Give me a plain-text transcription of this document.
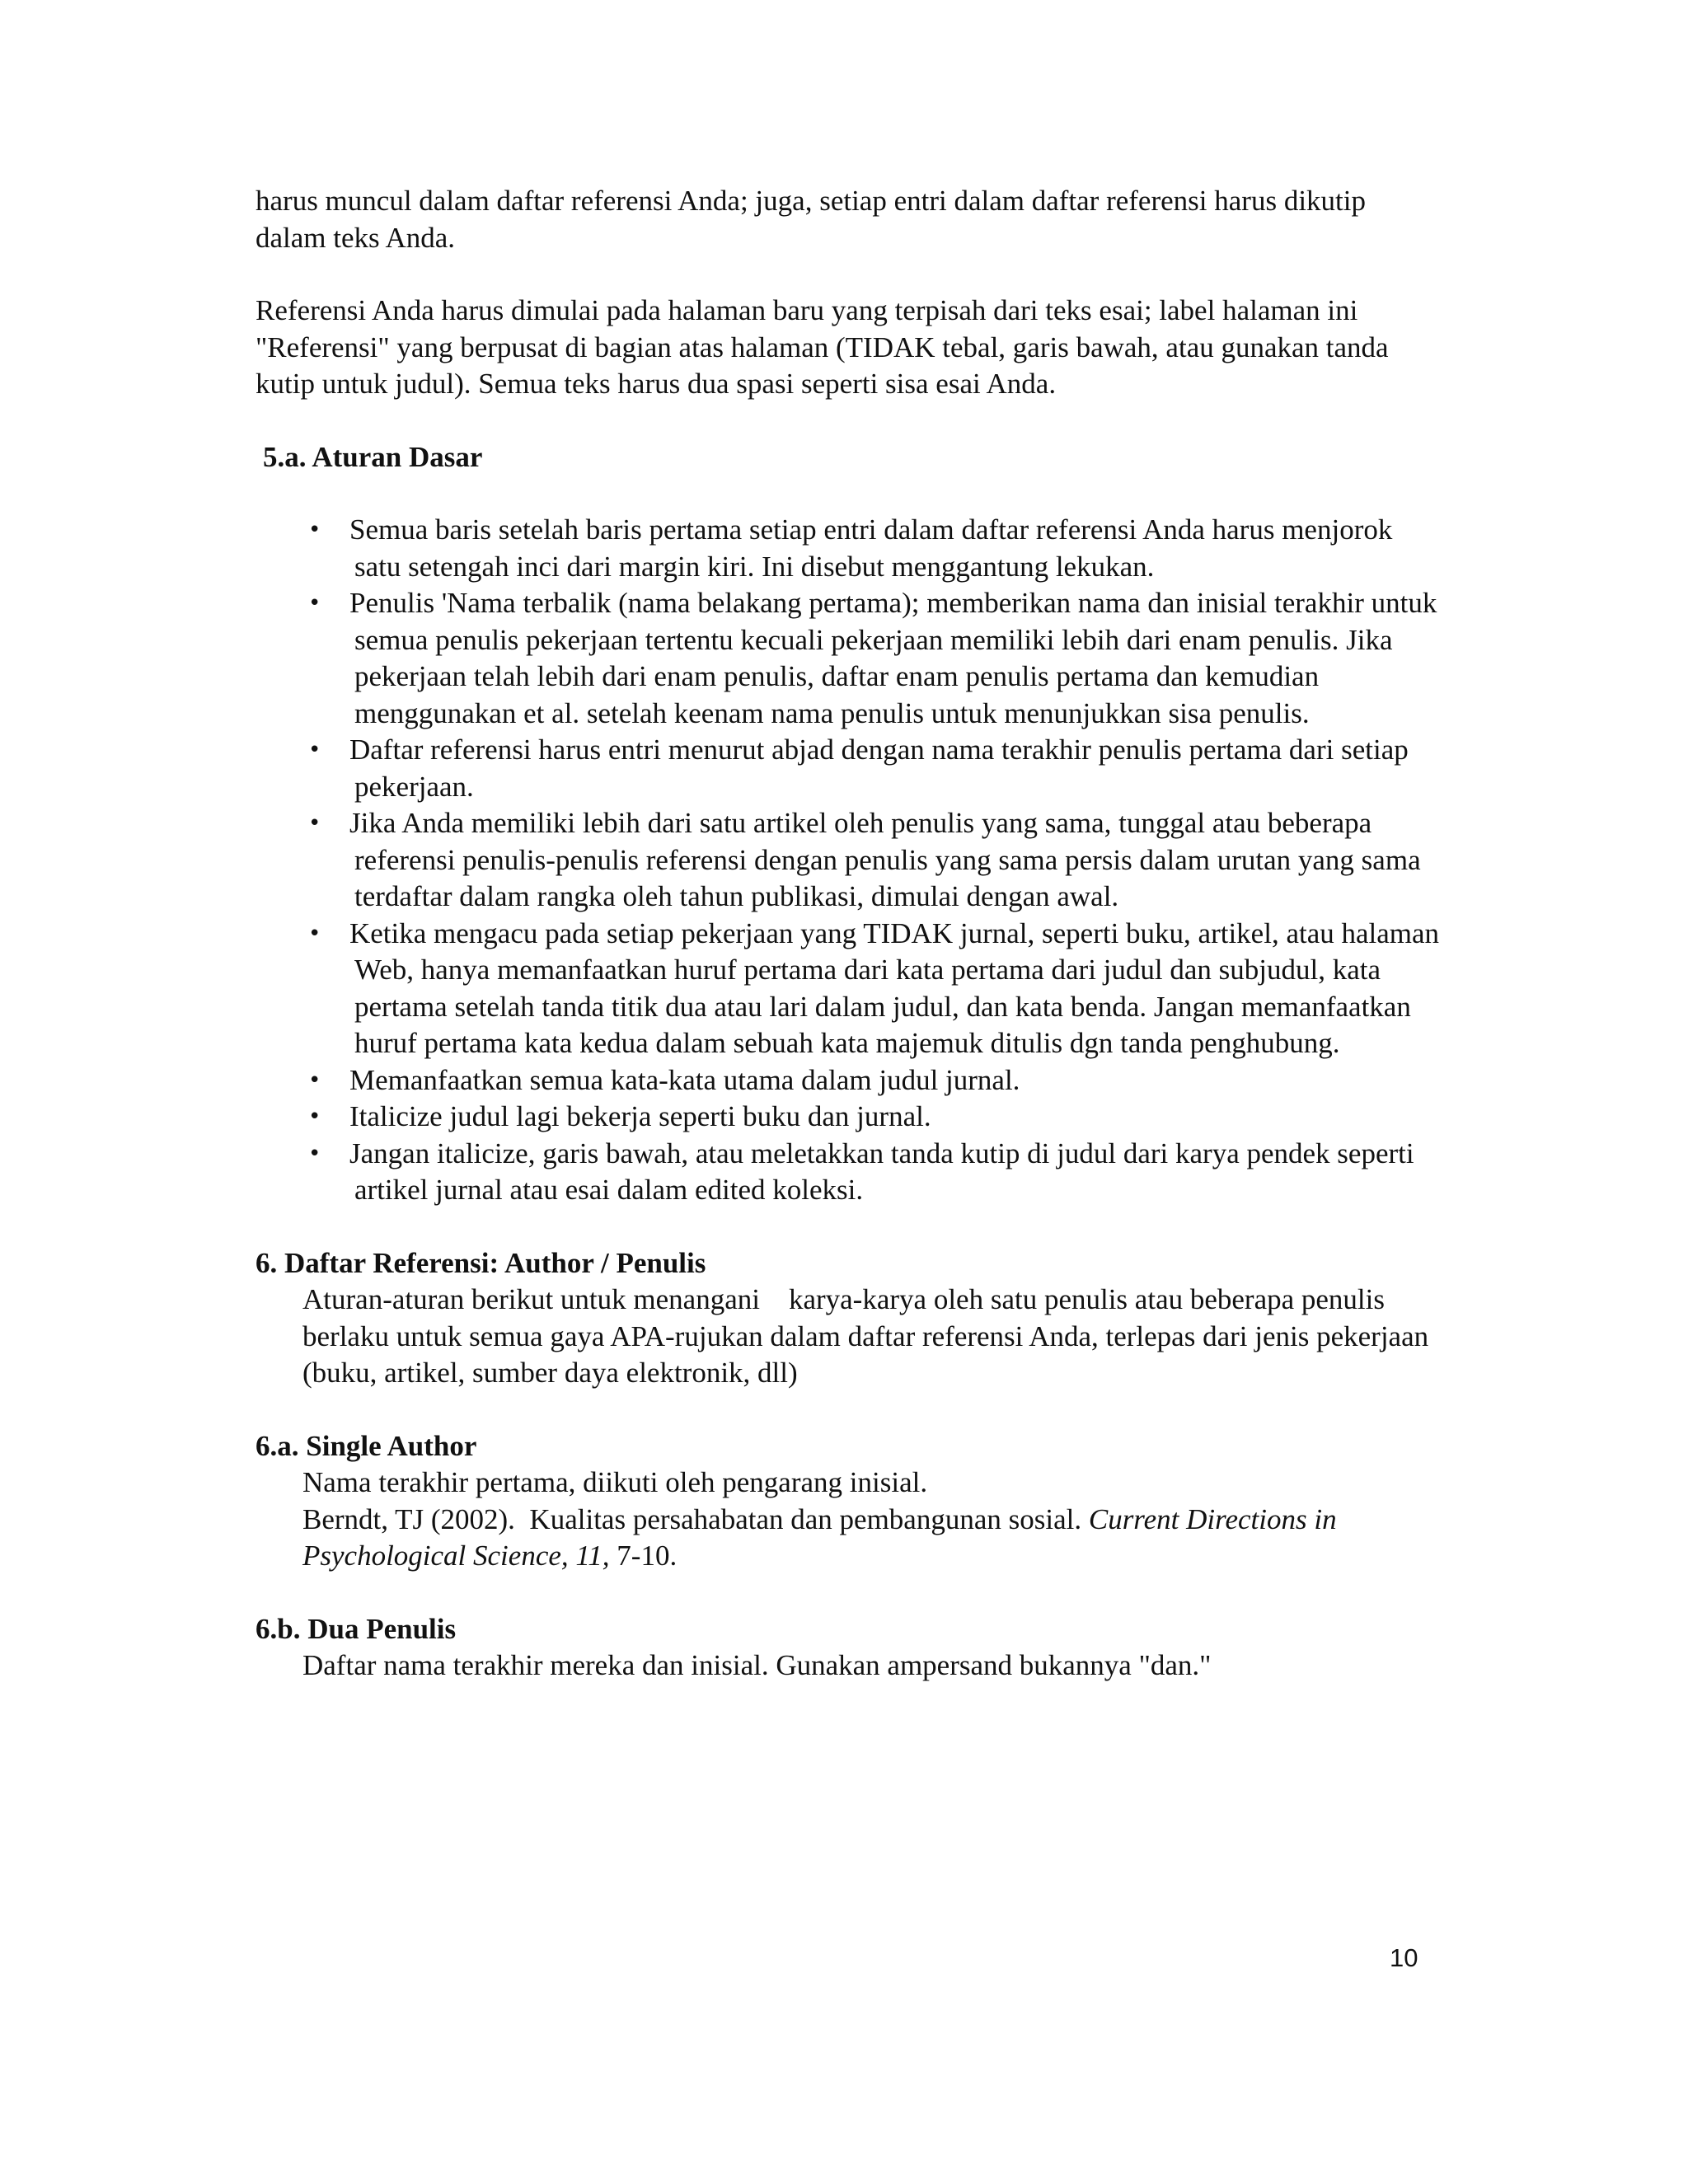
harus muncul dalam daftar referensi Anda; juga, setiap entri dalam daftar referensi harus dikutip dalam teks Anda.

Referensi Anda harus dimulai pada halaman baru yang terpisah dari teks esai; label halaman ini "Referensi" yang berpusat di bagian atas halaman (TIDAK tebal, garis bawah, atau gunakan tanda kutip untuk judul). Semua teks harus dua spasi seperti sisa esai Anda.

5.a. Aturan Dasar

• Semua baris setelah baris pertama setiap entri dalam daftar referensi Anda harus menjorok satu setengah inci dari margin kiri. Ini disebut menggantung lekukan.
• Penulis 'Nama terbalik (nama belakang pertama); memberikan nama dan inisial terakhir untuk semua penulis pekerjaan tertentu kecuali pekerjaan memiliki lebih dari enam penulis. Jika pekerjaan telah lebih dari enam penulis, daftar enam penulis pertama dan kemudian menggunakan et al. setelah keenam nama penulis untuk menunjukkan sisa penulis.
• Daftar referensi harus entri menurut abjad dengan nama terakhir penulis pertama dari setiap pekerjaan.
• Jika Anda memiliki lebih dari satu artikel oleh penulis yang sama, tunggal atau beberapa referensi penulis-penulis referensi dengan penulis yang sama persis dalam urutan yang sama terdaftar dalam rangka oleh tahun publikasi, dimulai dengan awal.
• Ketika mengacu pada setiap pekerjaan yang TIDAK jurnal, seperti buku, artikel, atau halaman Web, hanya memanfaatkan huruf pertama dari kata pertama dari judul dan subjudul, kata pertama setelah tanda titik dua atau lari dalam judul, dan kata benda. Jangan memanfaatkan huruf pertama kata kedua dalam sebuah kata majemuk ditulis dgn tanda penghubung.
• Memanfaatkan semua kata-kata utama dalam judul jurnal.
• Italicize judul lagi bekerja seperti buku dan jurnal.
• Jangan italicize, garis bawah, atau meletakkan tanda kutip di judul dari karya pendek seperti artikel jurnal atau esai dalam edited koleksi.

6. Daftar Referensi: Author / Penulis

Aturan-aturan berikut untuk menangani    karya-karya oleh satu penulis atau beberapa penulis berlaku untuk semua gaya APA-rujukan dalam daftar referensi Anda, terlepas dari jenis pekerjaan (buku, artikel, sumber daya elektronik, dll)

6.a. Single Author

Nama terakhir pertama, diikuti oleh pengarang inisial.

Berndt, TJ (2002).  Kualitas persahabatan dan pembangunan sosial. Current Directions in Psychological Science, 11, 7-10.

6.b. Dua Penulis

Daftar nama terakhir mereka dan inisial. Gunakan ampersand bukannya "dan."

10
